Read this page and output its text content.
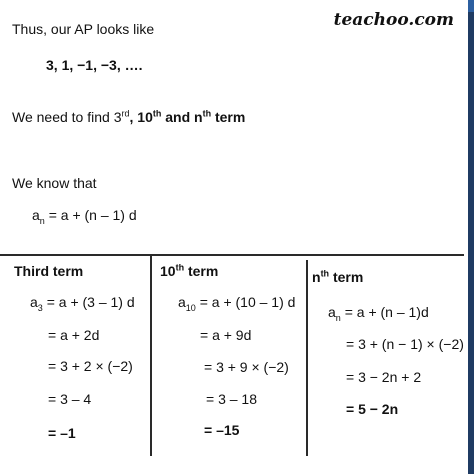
teachoo.com
Thus, our AP looks like
3, 1, −1, −3, ….
We need to find 3rd, 10th and $n^{th}$ term
We know that
$a_n = a + (n - 1)$ d
Third term
$a_3 = a + (3 - 1)$ d
= a + 2d
= 3 + 2 × (−2)
= 3 – 4
= –1
10th term
$a_{10} = a + (10 - 1)$ d
= a + 9d
= 3 + 9 × (−2)
= 3 – 18
= –15
$n^{th}$ term
$a_n = a + (n - 1)d$
= 3 + (n − 1) × (−2)
= 3 − 2n + 2
= 5 − 2n
